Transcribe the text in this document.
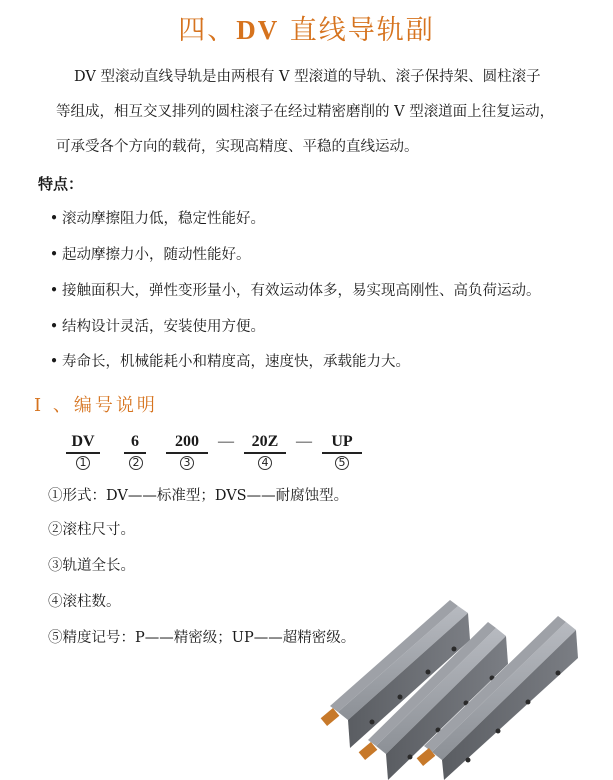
四、DV 直线导轨副
DV 型滚动直线导轨是由两根有 V 型滚道的导轨、滚子保持架、圆柱滚子
等组成，相互交叉排列的圆柱滚子在经过精密磨削的 V 型滚道面上往复运动，
可承受各个方向的载荷，实现高精度、平稳的直线运动。
特点：
• 滚动摩擦阻力低，稳定性能好。
• 起动摩擦力小，随动性能好。
• 接触面积大，弹性变形量小，有效运动体多，易实现高刚性、高负荷运动。
• 结构设计灵活，安装使用方便。
• 寿命长，机械能耗小和精度高，速度快，承载能力大。
I 、编号说明
DV	6	200	—	20Z	—	UP
1	2	3	4	5
①形式：DV——标准型；DVS——耐腐蚀型。
②滚柱尺寸。
③轨道全长。
④滚柱数。
⑤精度记号：P——精密级；UP——超精密级。
